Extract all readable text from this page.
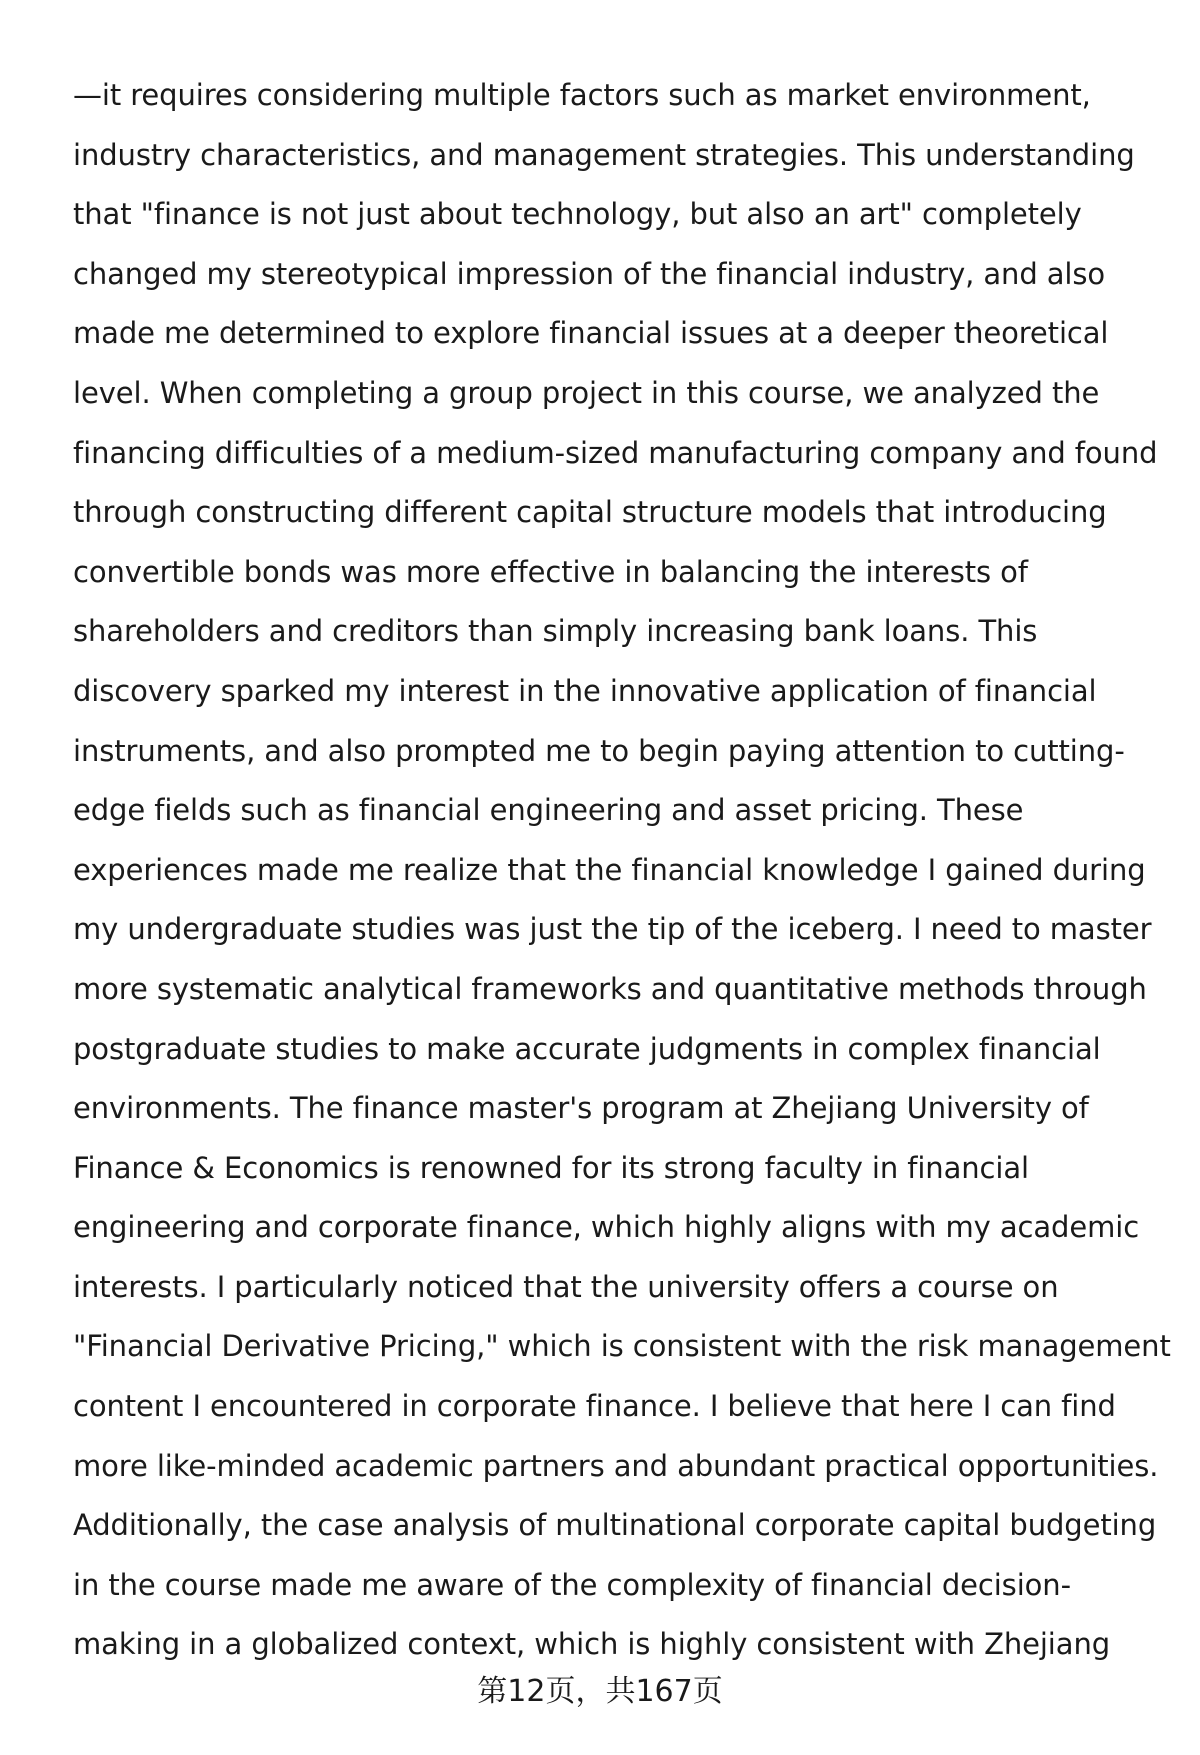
—it requires considering multiple factors such as market environment,
industry characteristics, and management strategies. This understanding
that "finance is not just about technology, but also an art" completely
changed my stereotypical impression of the financial industry, and also
made me determined to explore financial issues at a deeper theoretical
level. When completing a group project in this course, we analyzed the
financing difficulties of a medium-sized manufacturing company and found
through constructing different capital structure models that introducing
convertible bonds was more effective in balancing the interests of
shareholders and creditors than simply increasing bank loans. This
discovery sparked my interest in the innovative application of financial
instruments, and also prompted me to begin paying attention to cutting-
edge fields such as financial engineering and asset pricing. These
experiences made me realize that the financial knowledge I gained during
my undergraduate studies was just the tip of the iceberg. I need to master
more systematic analytical frameworks and quantitative methods through
postgraduate studies to make accurate judgments in complex financial
environments. The finance master's program at Zhejiang University of
Finance & Economics is renowned for its strong faculty in financial
engineering and corporate finance, which highly aligns with my academic
interests. I particularly noticed that the university offers a course on
"Financial Derivative Pricing," which is consistent with the risk management
content I encountered in corporate finance. I believe that here I can find
more like-minded academic partners and abundant practical opportunities.
Additionally, the case analysis of multinational corporate capital budgeting
in the course made me aware of the complexity of financial decision-
making in a globalized context, which is highly consistent with Zhejiang
第12页，共167页
